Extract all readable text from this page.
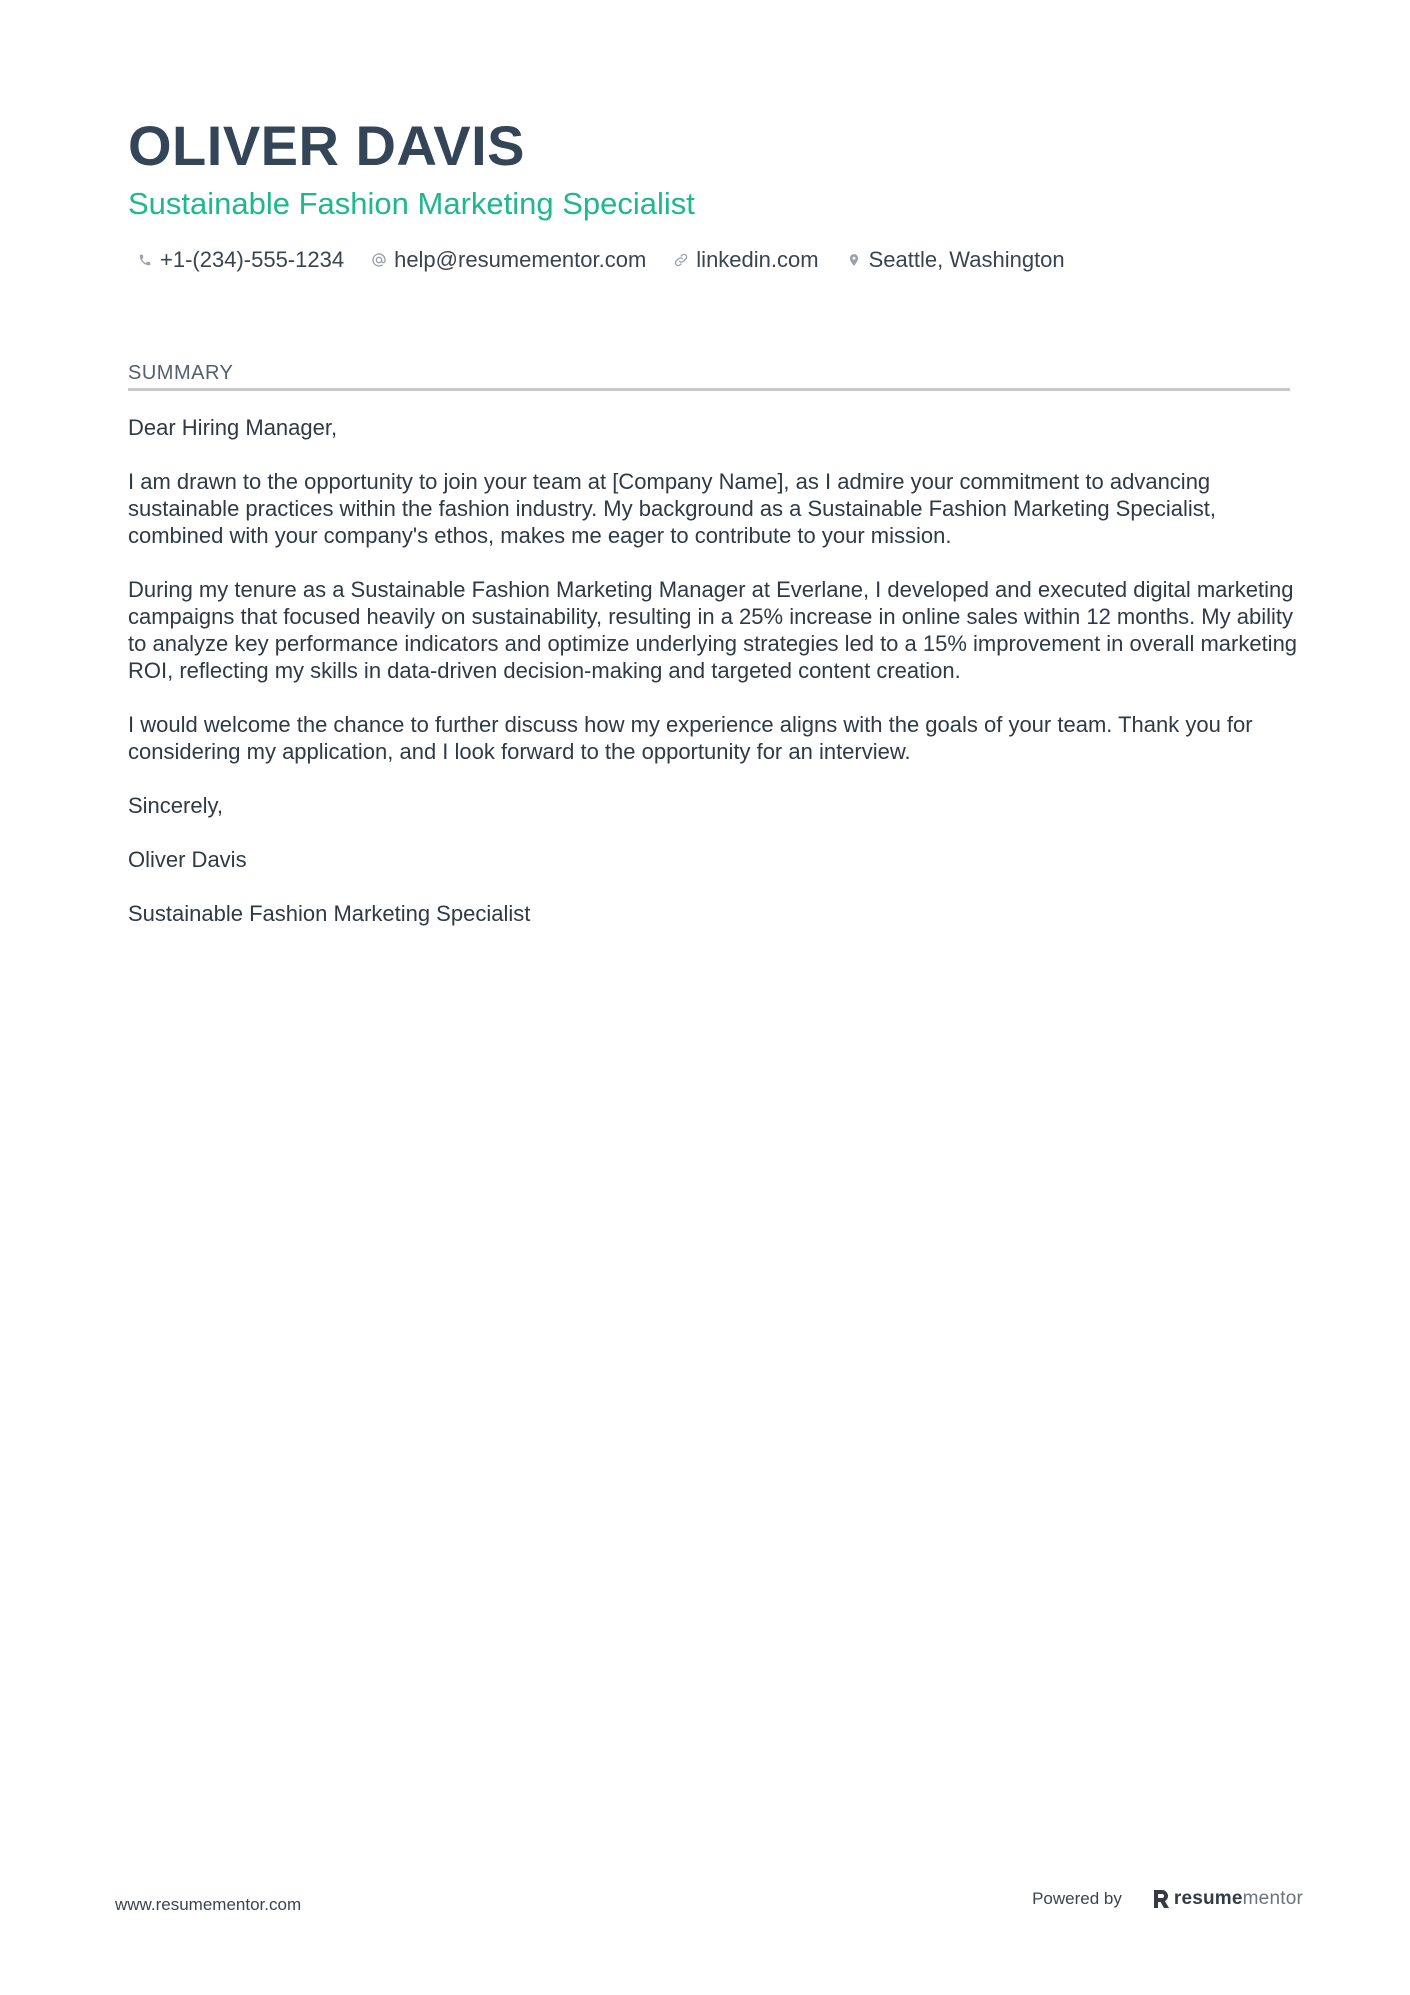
OLIVER DAVIS
Sustainable Fashion Marketing Specialist
+1-(234)-555-1234 help@resumementor.com linkedin.com Seattle, Washington
SUMMARY

Dear Hiring Manager,

I am drawn to the opportunity to join your team at [Company Name], as I admire your commitment to advancing sustainable practices within the fashion industry. My background as a Sustainable Fashion Marketing Specialist, combined with your company's ethos, makes me eager to contribute to your mission.

During my tenure as a Sustainable Fashion Marketing Manager at Everlane, I developed and executed digital marketing campaigns that focused heavily on sustainability, resulting in a 25% increase in online sales within 12 months. My ability to analyze key performance indicators and optimize underlying strategies led to a 15% improvement in overall marketing ROI, reflecting my skills in data-driven decision-making and targeted content creation.

I would welcome the chance to further discuss how my experience aligns with the goals of your team. Thank you for considering my application, and I look forward to the opportunity for an interview.

Sincerely,

Oliver Davis

Sustainable Fashion Marketing Specialist

www.resumementor.com	Powered by	resume mentor
